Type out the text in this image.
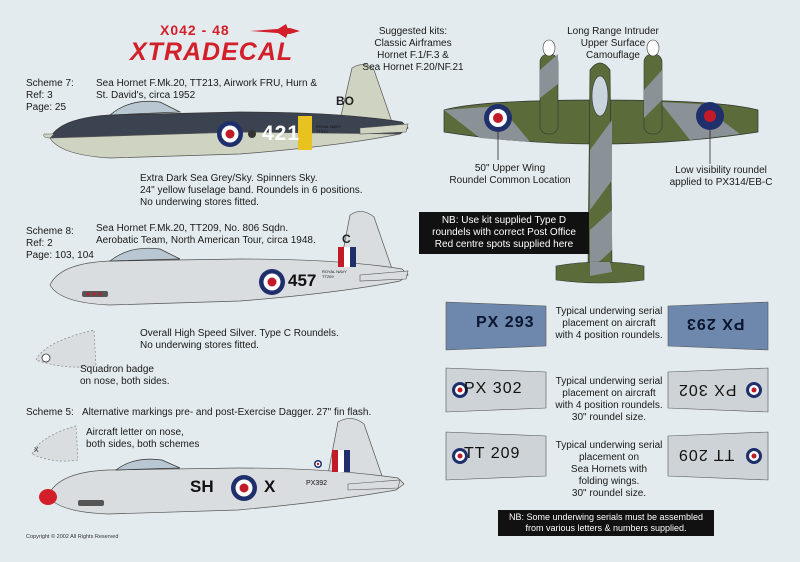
X042 - 48
XTRADECAL
Scheme 7:
Ref: 3
Page: 25
Sea Hornet F.Mk.20, TT213, Airwork FRU, Hurn &
St. David's, circa 1952	BO
421	ROYAL NAVY
TT213
Extra Dark Sea Grey/Sky. Spinners Sky.
24" yellow fuselage band. Roundels in 6 positions.
No underwing stores fitted.
Scheme 8:
Ref: 2
Page: 103, 104
Sea Hornet F.Mk.20, TT209, No. 806 Sqdn.
Aerobatic Team, North American Tour, circa 1948. C
457 ROYAL NAVY
TT209
Overall High Speed Silver. Type C Roundels.
No underwing stores fitted.
Squadron badge
on nose, both sides.
Scheme 5: Alternative markings pre- and post-Exercise Dagger. 27" fin flash.
X
Aircraft letter on nose,
both sides, both schemes
SH	X	PX392
Copyright © 2002 All Rights Reserved
Suggested kits:
Classic Airframes
Hornet F.1/F.3 &
Sea Hornet F.20/NF.21
Long Range Intruder
Upper Surface
Camouflage
50" Upper Wing
Roundel Common Location
Low visibility roundel
applied to PX314/EB-C
NB: Use kit supplied Type D
roundels with correct Post Office
Red centre spots supplied here
PX 293
Typical underwing serial
placement on aircraft
with 4 position roundels.
PX 293
PX 302	Typical underwing serial
placement on aircraft
with 4 position roundels.
30" roundel size.
PX 302
TT 209	Typical underwing serial
placement on
Sea Hornets with
folding wings.
30" roundel size.
TT 209
NB: Some underwing serials must be assembled
from various letters & numbers supplied.
